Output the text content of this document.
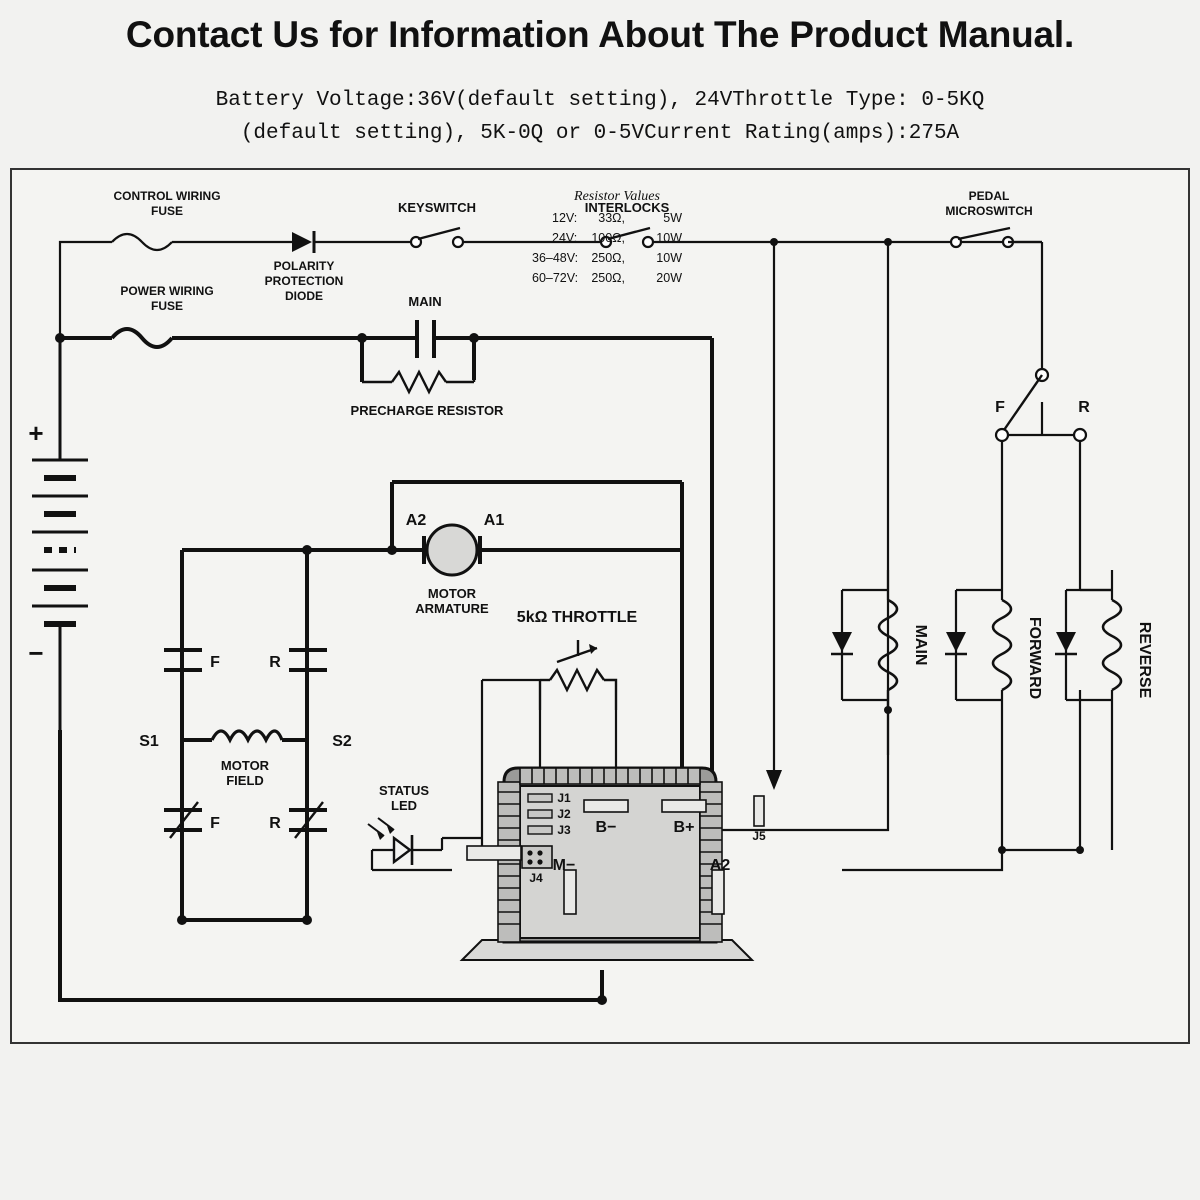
Contact Us for Information About The Product Manual.
Battery Voltage:36V(default setting), 24VThrottle Type: 0-5KQ
(default setting), 5K-0Q or 0-5VCurrent Rating(amps):275A
+
−
CONTROL WIRING
FUSE
POWER WIRING
FUSE
POLARITY
PROTECTION
DIODE
KEYSWITCH	INTERLOCKS
PEDAL
MICROSWITCH
MAIN
PRECHARGE RESISTOR
Resistor Values
12V: 33Ω,	5W
24V: 100Ω,	10W
36–48V: 250Ω,	10W
60–72V: 250Ω,	20W
A2	A1
MOTOR
ARMATURE
F	R
MOTOR
FIELD
S1	S2
F	R
5kΩ THROTTLE
STATUS
LED
B−	B+
M−	A2
J1
J2
J3
J4
J5
MAIN	FORWARD	REVERSE
F	R
